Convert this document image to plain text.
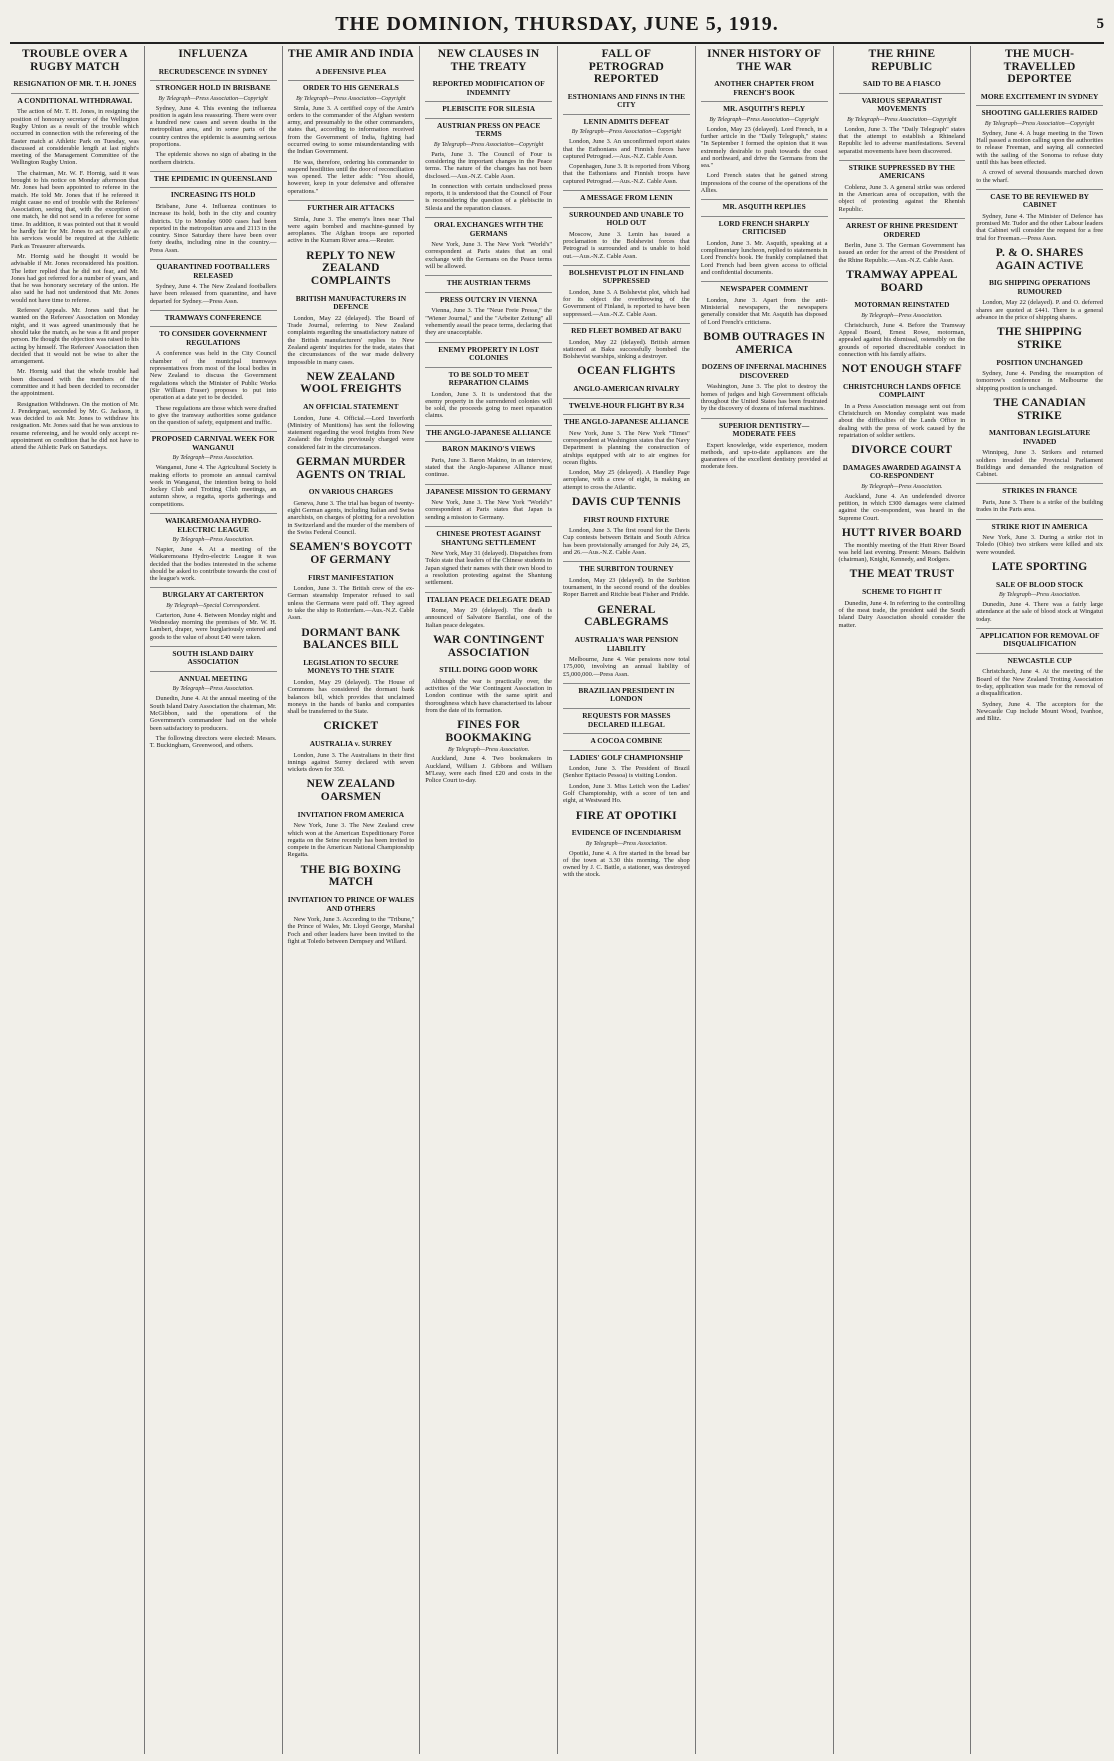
THE DOMINION, THURSDAY, JUNE 5, 1919.	5
TROUBLE OVER A RUGBY MATCH
RESIGNATION OF MR. T. H. JONES
A CONDITIONAL WITHDRAWAL

The action of Mr. T. H. Jones, in resigning the position of honorary secretary of the Wellington Rugby Union as a result of the trouble which occurred in connection with the refereeing of the Easter match at Athletic Park on Tuesday, was discussed at considerable length at last night's meeting of the Management Committee of the Wellington Rugby Union.

The chairman, Mr. W. F. Hornig, said it was brought to his notice on Monday afternoon that Mr. Jones had been appointed to referee in the match. He told Mr. Jones that if he refereed it might cause no end of trouble with the Referees' Association, seeing that, with the exception of one match, he did not send in a referee for some time. In addition, it was pointed out that it would be hardly fair for Mr. Jones to act especially as his services would be required at the Athletic Park as Treasurer afterwards.

Mr. Hornig said he thought it would be advisable if Mr. Jones reconsidered his position. The letter replied that he did not fear, and Mr. Jones had got referred for a number of years, and that he was honorary secretary of the union. He also said he had not understood that Mr. Jones would not have time to referee.

Referees' Appeals. Mr. Jones said that he wanted on the Referees' Association on Monday night, and it was agreed unanimously that he should take the match, as he was a fit and proper person. He thought the objection was raised to his acting by himself. The Referees' Association then decided that it would not be wise to alter the arrangement.

Mr. Hornig said that the whole trouble had been discussed with the members of the committee and it had been decided to reconsider the appointment.

Resignation Withdrawn. On the motion of Mr. J. Pendergrast, seconded by Mr. G. Jackson, it was decided to ask Mr. Jones to withdraw his resignation. Mr. Jones said that he was anxious to resume refereeing, and he would only accept re-appointment on condition that he did not have to attend the Athletic Park on Saturdays.

INFLUENZA
RECRUDESCENCE IN SYDNEY
STRONGER HOLD IN BRISBANE
By Telegraph—Press Association—Copyright

Sydney, June 4. This evening the influenza position is again less reassuring. There were over a hundred new cases and seven deaths in the metropolitan area, and in some parts of the country centres the epidemic is assuming serious proportions.

The epidemic shows no sign of abating in the northern districts.

THE EPIDEMIC IN QUEENSLAND
INCREASING ITS HOLD

Brisbane, June 4. Influenza continues to increase its hold, both in the city and country districts. Up to Monday 6000 cases had been reported in the metropolitan area and 2113 in the country. Since Saturday there have been over forty deaths, including nine in the country.—Press Assn.

QUARANTINED FOOTBALLERS RELEASED

Sydney, June 4. The New Zealand footballers have been released from quarantine, and have departed for Sydney.—Press Assn.

TRAMWAYS CONFERENCE
TO CONSIDER GOVERNMENT REGULATIONS

A conference was held in the City Council chamber of the municipal tramways representatives from most of the local bodies in New Zealand to discuss the Government regulations which the Minister of Public Works (Sir William Fraser) proposes to put into operation at a date yet to be decided.

These regulations are those which were drafted to give the tramway authorities some guidance on the question of safety, equipment and traffic.

PROPOSED CARNIVAL WEEK FOR WANGANUI
By Telegraph—Press Association.

Wanganui, June 4. The Agricultural Society is making efforts to promote an annual carnival week in Wanganui, the intention being to hold Jockey Club and Trotting Club meetings, an autumn show, a regatta, sports gatherings and competitions.

WAIKAREMOANA HYDRO-ELECTRIC LEAGUE
By Telegraph—Press Association.

Napier, June 4. At a meeting of the Waikaremoana Hydro-electric League it was decided that the bodies interested in the scheme should be asked to contribute towards the cost of the league's work.

BURGLARY AT CARTERTON
By Telegraph—Special Correspondent.

Carterton, June 4. Between Monday night and Wednesday morning the premises of Mr. W. H. Lambert, draper, were burglariously entered and goods to the value of about £40 were taken.

SOUTH ISLAND DAIRY ASSOCIATION
ANNUAL MEETING
By Telegraph—Press Association.

Dunedin, June 4. At the annual meeting of the South Island Dairy Association the chairman, Mr. McGibbon, said the operations of the Government's commandeer had on the whole been satisfactory to producers.

The following directors were elected: Messrs. T. Buckingham, Greenwood, and others.

THE AMIR AND INDIA
A DEFENSIVE PLEA
ORDER TO HIS GENERALS
By Telegraph—Press Association—Copyright

Simla, June 3. A certified copy of the Amir's orders to the commander of the Afghan western army, and presumably to the other commanders, states that, according to information received from the Government of India, fighting had occurred owing to some misunderstanding with the Indian Government.

He was, therefore, ordering his commander to suspend hostilities until the door of reconciliation was opened. The letter adds: "You should, however, keep in your defensive and offensive operations."

FURTHER AIR ATTACKS

Simla, June 3. The enemy's lines near Thal were again bombed and machine-gunned by aeroplanes. The Afghan troops are reported active in the Kurram River area.—Reuter.

REPLY TO NEW ZEALAND COMPLAINTS
BRITISH MANUFACTURERS IN DEFENCE

London, May 22 (delayed). The Board of Trade Journal, referring to New Zealand complaints regarding the unsatisfactory nature of the British manufacturers' replies to New Zealand agents' inquiries for the trade, states that the circumstances of the war made delivery impossible in many cases.

NEW ZEALAND WOOL FREIGHTS
AN OFFICIAL STATEMENT

London, June 4. Official.—Lord Inverforth (Ministry of Munitions) has sent the following statement regarding the wool freights from New Zealand: the freights previously charged were considered fair in the circumstances.

GERMAN MURDER AGENTS ON TRIAL
ON VARIOUS CHARGES

Geneva, June 3. The trial has begun of twenty-eight German agents, including Italian and Swiss anarchists, on charges of plotting for a revolution in Switzerland and the murder of the members of the Swiss Federal Council.

SEAMEN'S BOYCOTT OF GERMANY
FIRST MANIFESTATION

London, June 3. The British crew of the ex-German steamship Imperator refused to sail unless the Germans were paid off. They agreed to take the ship to Rotterdam.—Aus.-N.Z. Cable Assn.

DORMANT BANK BALANCES BILL
LEGISLATION TO SECURE MONEYS TO THE STATE

London, May 29 (delayed). The House of Commons has considered the dormant bank balances bill, which provides that unclaimed moneys in the hands of banks and companies shall be transferred to the State.

CRICKET
AUSTRALIA v. SURREY

London, June 3. The Australians in their first innings against Surrey declared with seven wickets down for 350.

NEW ZEALAND OARSMEN
INVITATION FROM AMERICA

New York, June 3. The New Zealand crew which won at the American Expeditionary Force regatta on the Seine recently has been invited to compete in the American National Championship Regatta.

THE BIG BOXING MATCH
INVITATION TO PRINCE OF WALES AND OTHERS

New York, June 3. According to the "Tribune," the Prince of Wales, Mr. Lloyd George, Marshal Foch and other leaders have been invited to the fight at Toledo between Dempsey and Willard.

NEW CLAUSES IN THE TREATY
REPORTED MODIFICATION OF INDEMNITY
PLEBISCITE FOR SILESIA
AUSTRIAN PRESS ON PEACE TERMS
By Telegraph—Press Association—Copyright

Paris, June 3. The Council of Four is considering the important changes in the Peace terms. The nature of the changes has not been disclosed.—Aus.-N.Z. Cable Assn.

In connection with certain undisclosed press reports, it is understood that the Council of Four is reconsidering the question of a plebiscite in Silesia and the reparation clauses.

ORAL EXCHANGES WITH THE GERMANS

New York, June 3. The New York "World's" correspondent at Paris states that an oral exchange with the Germans on the Peace terms will be allowed.

THE AUSTRIAN TERMS
PRESS OUTCRY IN VIENNA

Vienna, June 3. The "Neue Freie Presse," the "Wiener Journal," and the "Arbeiter Zeitung" all vehemently assail the peace terms, declaring that they are unacceptable.

ENEMY PROPERTY IN LOST COLONIES
TO BE SOLD TO MEET REPARATION CLAIMS

London, June 3. It is understood that the enemy property in the surrendered colonies will be sold, the proceeds going to meet reparation claims.

THE ANGLO-JAPANESE ALLIANCE
BARON MAKINO'S VIEWS

Paris, June 3. Baron Makino, in an interview, stated that the Anglo-Japanese Alliance must continue.

JAPANESE MISSION TO GERMANY

New York, June 3. The New York "World's" correspondent at Paris states that Japan is sending a mission to Germany.

CHINESE PROTEST AGAINST SHANTUNG SETTLEMENT

New York, May 31 (delayed). Dispatches from Tokio state that leaders of the Chinese students in Japan signed their names with their own blood to a resolution protesting against the Shantung settlement.

ITALIAN PEACE DELEGATE DEAD

Rome, May 29 (delayed). The death is announced of Salvatore Barzilai, one of the Italian peace delegates.

WAR CONTINGENT ASSOCIATION
STILL DOING GOOD WORK

Although the war is practically over, the activities of the War Contingent Association in London continue with the same spirit and thoroughness which have characterised its labour from the date of its formation.

FINES FOR BOOKMAKING
By Telegraph—Press Association.

Auckland, June 4. Two bookmakers in Auckland, William J. Gibbons and William M'Leay, were each fined £20 and costs in the Police Court to-day.

FALL OF PETROGRAD REPORTED
ESTHONIANS AND FINNS IN THE CITY
LENIN ADMITS DEFEAT
By Telegraph—Press Association—Copyright

London, June 3. An unconfirmed report states that the Esthonians and Finnish forces have captured Petrograd.—Aus.-N.Z. Cable Assn.

Copenhagen, June 3. It is reported from Viborg that the Esthonians and Finnish troops have captured Petrograd.—Aus.-N.Z. Cable Assn.

A MESSAGE FROM LENIN
SURROUNDED AND UNABLE TO HOLD OUT

Moscow, June 3. Lenin has issued a proclamation to the Bolshevist forces that Petrograd is surrounded and is unable to hold out.—Aus.-N.Z. Cable Assn.

BOLSHEVIST PLOT IN FINLAND SUPPRESSED

London, June 3. A Bolshevist plot, which had for its object the overthrowing of the Government of Finland, is reported to have been suppressed.—Aus.-N.Z. Cable Assn.

RED FLEET BOMBED AT BAKU

London, May 22 (delayed). British airmen stationed at Baku successfully bombed the Bolshevist warships, sinking a destroyer.

OCEAN FLIGHTS
ANGLO-AMERICAN RIVALRY
TWELVE-HOUR FLIGHT BY R.34
THE ANGLO-JAPANESE ALLIANCE

New York, June 3. The New York "Times" correspondent at Washington states that the Navy Department is planning the construction of airships equipped with air to air engines for ocean flights.

London, May 25 (delayed). A Handley Page aeroplane, with a crew of eight, is making an attempt to cross the Atlantic.

DAVIS CUP TENNIS
FIRST ROUND FIXTURE

London, June 3. The first round for the Davis Cup contests between Britain and South Africa has been provisionally arranged for July 24, 25, and 26.—Aus.-N.Z. Cable Assn.

THE SURBITON TOURNEY

London, May 23 (delayed). In the Surbiton tournament, in the second round of the doubles Roper Barrett and Ritchie beat Fisher and Pridde.

GENERAL CABLEGRAMS
AUSTRALIA'S WAR PENSION LIABILITY

Melbourne, June 4. War pensions now total 175,000, involving an annual liability of £5,000,000.—Press Assn.

BRAZILIAN PRESIDENT IN LONDON
REQUESTS FOR MASSES DECLARED ILLEGAL
A COCOA COMBINE
LADIES' GOLF CHAMPIONSHIP

London, June 3. The President of Brazil (Senhor Epitacio Pessoa) is visiting London.

London, June 3. Miss Leitch won the Ladies' Golf Championship, with a score of ten and eight, at Westward Ho.

FIRE AT OPOTIKI
EVIDENCE OF INCENDIARISM
By Telegraph—Press Association.

Opotiki, June 4. A fire started in the bread bar of the town at 3.30 this morning. The shop owned by J. C. Battle, a stationer, was destroyed with the stock.

INNER HISTORY OF THE WAR
ANOTHER CHAPTER FROM FRENCH'S BOOK
MR. ASQUITH'S REPLY
By Telegraph—Press Association—Copyright

London, May 23 (delayed). Lord French, in a further article in the "Daily Telegraph," states: "In September I formed the opinion that it was extremely desirable to push towards the coast and northward, and drive the Germans from the sea."

Lord French states that he gained strong impressions of the course of the operations of the Allies.

MR. ASQUITH REPLIES
LORD FRENCH SHARPLY CRITICISED

London, June 3. Mr. Asquith, speaking at a complimentary luncheon, replied to statements in Lord French's book. He frankly complained that Lord French had been given access to official and confidential documents.

NEWSPAPER COMMENT

London, June 3. Apart from the anti-Ministerial newspapers, the newspapers generally consider that Mr. Asquith has disposed of Lord French's criticisms.

BOMB OUTRAGES IN AMERICA
DOZENS OF INFERNAL MACHINES DISCOVERED

Washington, June 3. The plot to destroy the homes of judges and high Government officials throughout the United States has been frustrated by the discovery of dozens of infernal machines.

SUPERIOR DENTISTRY—MODERATE FEES

Expert knowledge, wide experience, modern methods, and up-to-date appliances are the guarantees of the excellent dentistry provided at moderate fees.

THE RHINE REPUBLIC
SAID TO BE A FIASCO
VARIOUS SEPARATIST MOVEMENTS
By Telegraph—Press Association—Copyright

London, June 3. The "Daily Telegraph" states that the attempt to establish a Rhineland Republic led to adverse manifestations. Several separatist movements have been discovered.

STRIKE SUPPRESSED BY THE AMERICANS

Coblenz, June 3. A general strike was ordered in the American area of occupation, with the object of protesting against the Rhenish Republic.

ARREST OF RHINE PRESIDENT ORDERED

Berlin, June 3. The German Government has issued an order for the arrest of the President of the Rhine Republic.—Aus.-N.Z. Cable Assn.

TRAMWAY APPEAL BOARD
MOTORMAN REINSTATED
By Telegraph—Press Association.

Christchurch, June 4. Before the Tramway Appeal Board, Ernest Rowe, motorman, appealed against his dismissal, ostensibly on the grounds of reported discreditable conduct in connection with his family affairs.

NOT ENOUGH STAFF
CHRISTCHURCH LANDS OFFICE COMPLAINT

In a Press Association message sent out from Christchurch on Monday complaint was made about the difficulties of the Lands Office in dealing with the press of work caused by the repatriation of soldier settlers.

DIVORCE COURT
DAMAGES AWARDED AGAINST A CO-RESPONDENT
By Telegraph—Press Association.

Auckland, June 4. An undefended divorce petition, in which £300 damages were claimed against the co-respondent, was heard in the Supreme Court.

HUTT RIVER BOARD

The monthly meeting of the Hutt River Board was held last evening. Present: Messrs. Baldwin (chairman), Knight, Kennedy, and Rodgers.

THE MEAT TRUST
SCHEME TO FIGHT IT

Dunedin, June 4. In referring to the controlling of the meat trade, the president said the South Island Dairy Association should consider the matter.

THE MUCH-TRAVELLED DEPORTEE
MORE EXCITEMENT IN SYDNEY
SHOOTING GALLERIES RAIDED
By Telegraph—Press Association—Copyright

Sydney, June 4. A huge meeting in the Town Hall passed a motion calling upon the authorities to release Freeman, and saying all connected with the sailing of the Sonoma to refuse duty until this has been effected.

A crowd of several thousands marched down to the wharf.

CASE TO BE REVIEWED BY CABINET

Sydney, June 4. The Minister of Defence has promised Mr. Tudor and the other Labour leaders that Cabinet will consider the request for a free trial for Freeman.—Press Assn.

P. & O. SHARES AGAIN ACTIVE
BIG SHIPPING OPERATIONS RUMOURED

London, May 22 (delayed). P. and O. deferred shares are quoted at £441. There is a general advance in the price of shipping shares.

THE SHIPPING STRIKE
POSITION UNCHANGED

Sydney, June 4. Pending the resumption of tomorrow's conference in Melbourne the shipping position is unchanged.

THE CANADIAN STRIKE
MANITOBAN LEGISLATURE INVADED

Winnipeg, June 3. Strikers and returned soldiers invaded the Provincial Parliament Buildings and demanded the resignation of Cabinet.

STRIKES IN FRANCE

Paris, June 3. There is a strike of the building trades in the Paris area.

STRIKE RIOT IN AMERICA

New York, June 3. During a strike riot in Toledo (Ohio) two strikers were killed and six were wounded.

LATE SPORTING
SALE OF BLOOD STOCK
By Telegraph—Press Association.

Dunedin, June 4. There was a fairly large attendance at the sale of blood stock at Wingatui today.

APPLICATION FOR REMOVAL OF DISQUALIFICATION
NEWCASTLE CUP

Christchurch, June 4. At the meeting of the Board of the New Zealand Trotting Association to-day, application was made for the removal of a disqualification.

Sydney, June 4. The acceptors for the Newcastle Cup include Mount Wood, Ivanhoe, and Blitz.
